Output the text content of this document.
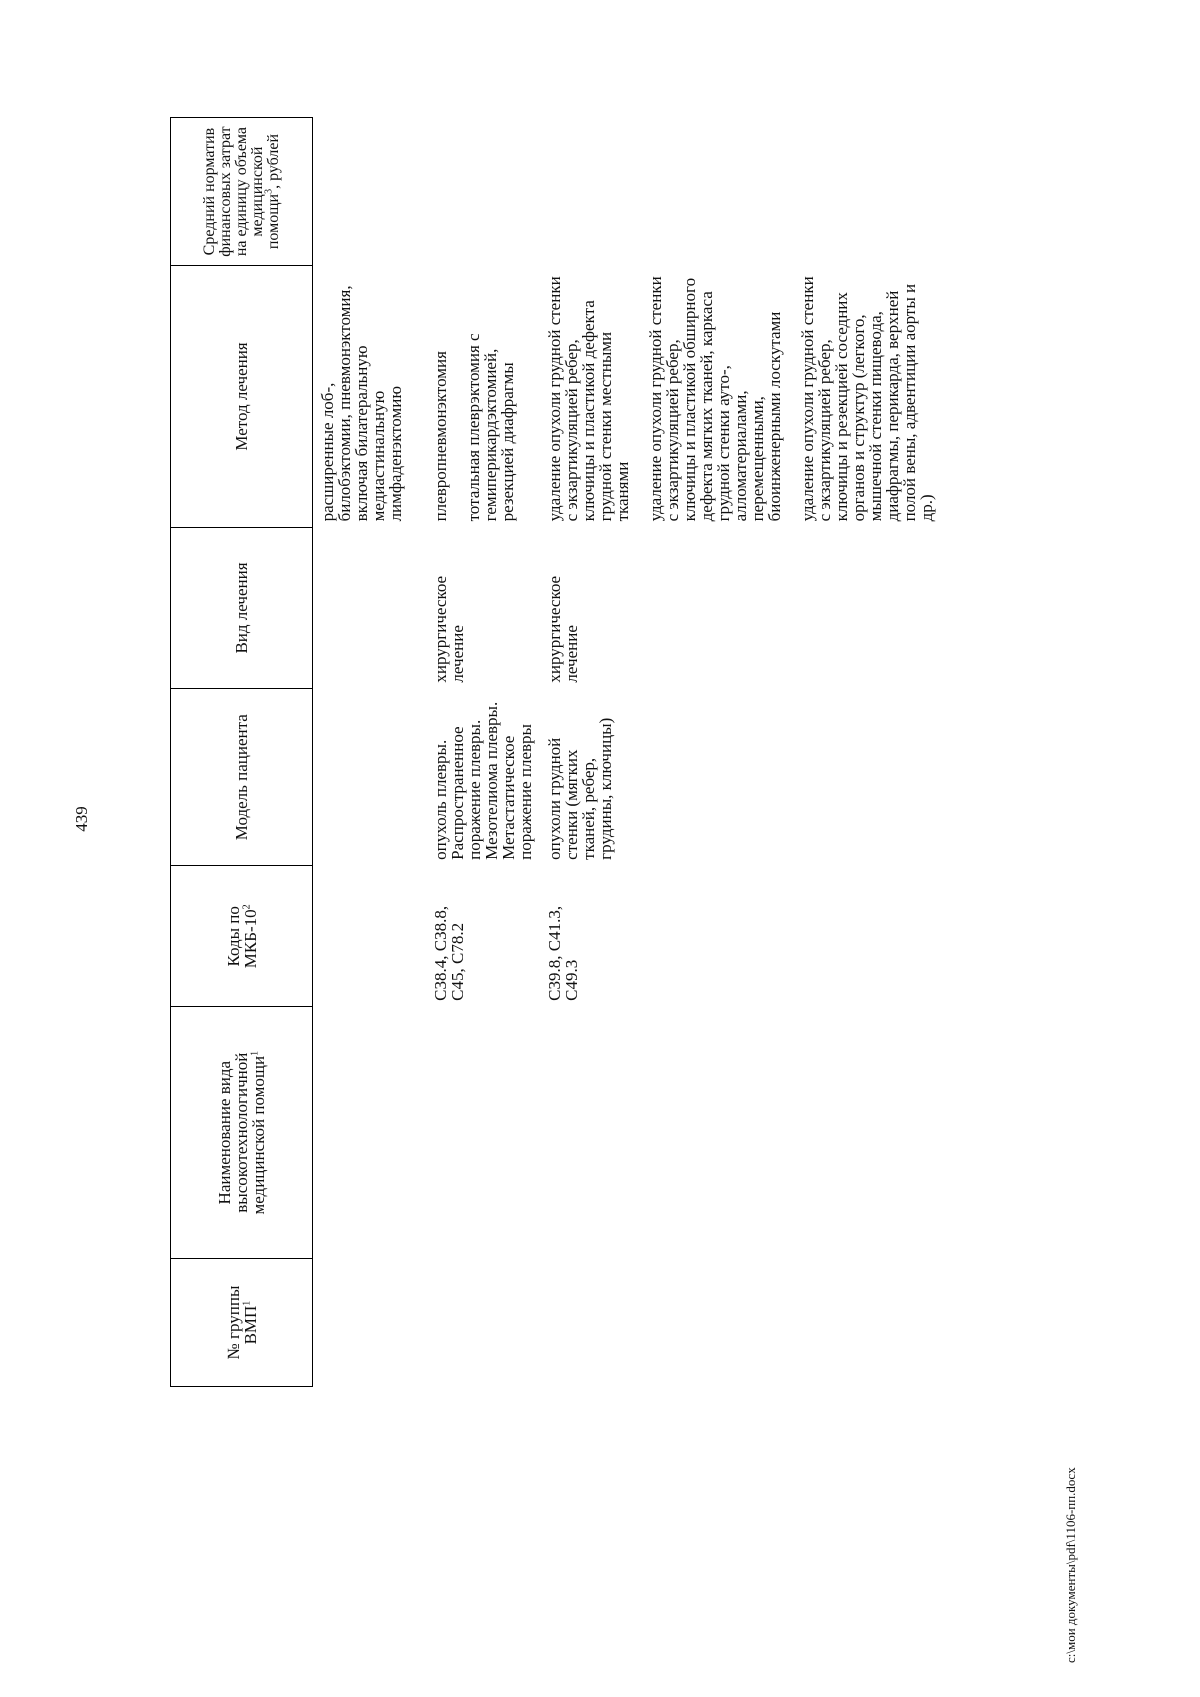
439
№ группы ВМП$^1$	Наименование вида высокотехнологичной медицинской помощи$^1$	Коды по МКБ-$10^2$	Модель пациента	Вид лечения	Метод лечения	Средний норматив финансовых затрат на единицу объема медицинской помощи$^3$, рублей

					расширенные лоб-, билобэктомии, пневмонэктомия, включая билатеральную медиастинальную лимфаденэктомию	

		C38.4, C38.8, C45, C78.2	опухоль плевры. Распространенное поражение плевры. Мезотелиома плевры. Метастатическое поражение плевры	хирургическое лечение	плевропневмонэктомия тотальная плеврэктомия с гемиперикардэктомией, резекцией диафрагмы	

		C39.8, C41.3, C49.3	опухоли грудной стенки (мягких тканей, ребер, грудины, ключицы)	хирургическое лечение	удаление опухоли грудной стенки с экзартикуляцией ребер, ключицы и пластикой дефекта грудной стенки местными тканями удаление опухоли грудной стенки с экзартикуляцией ребер, ключицы и пластикой обширного дефекта мягких тканей, каркаса грудной стенки ауто-, алломатериалами, перемещенными, биоинженерными лоскутами удаление опухоли грудной стенки с экзартикуляцией ребер, ключицы и резекцией соседних органов и структур (легкого, мышечной стенки пищевода, диафрагмы, перикарда, верхней полой вены, адвентиции аорты и др.)	

c:\мои документы\pdf\1106-пп.docx
